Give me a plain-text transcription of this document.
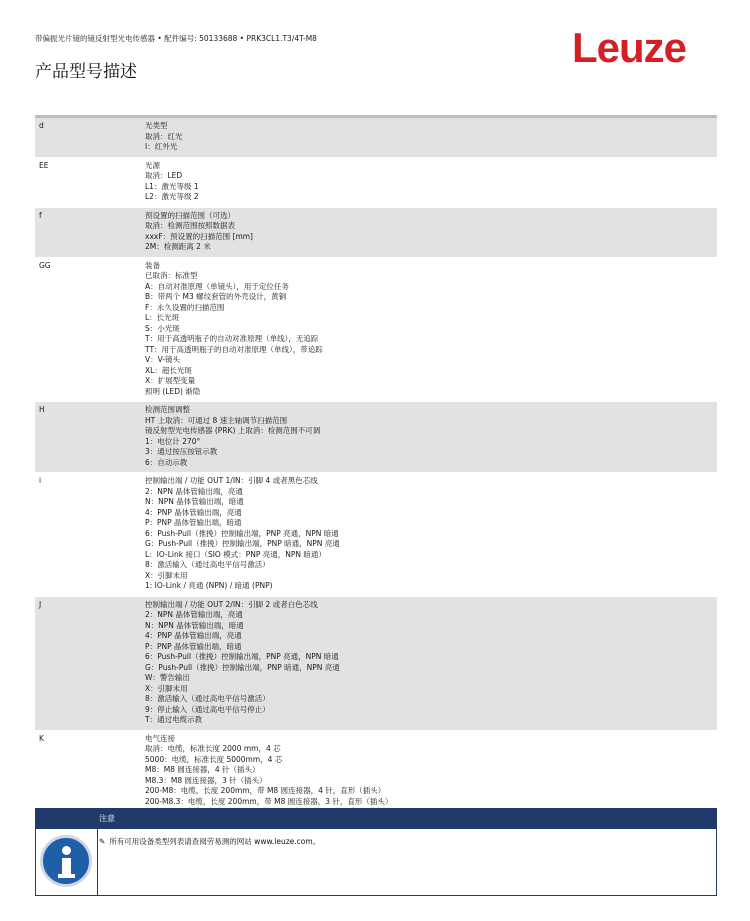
带偏振光片镜的镜反射型光电传感器 • 配件编号: 50133688 • PRK3CL1.T3/4T-M8
产品型号描述
Leuze
d	光类型
取消：红光
I：红外光
EE	光源
取消：LED
L1：激光等级 1
L2：激光等级 2
f	预设置的扫描范围（可选）
取消：检测范围按照数据表
xxxF：预设置的扫描范围 [mm]
2M：检测距离 2 米
GG	装备
已取消：标准型
A：自动对准原理（单镜头），用于定位任务
B：带两个 M3 螺纹套管的外壳设计，黄铜
F：永久设置的扫描范围
L：长光斑
S：小光斑
T：用于高透明瓶子的自动对准原理（单线），无追踪
TT：用于高透明瓶子的自动对准原理（单线），带追踪
V：V-镜头
XL：超长光斑
X：扩展型变量
照明 (LED) 渐隐
H	检测范围调整
HT 上取消：可通过 8 速主轴调节扫描范围
镜反射型光电传感器 (PRK) 上取消：检测范围不可调
1：电位计 270°
3：通过按压按钮示教
6：自动示教
i	控制输出端 / 功能 OUT 1/IN：引脚 4 或者黑色芯线
2：NPN 晶体管输出端，亮通
N：NPN 晶体管输出端，暗通
4：PNP 晶体管输出端，亮通
P：PNP 晶体管输出端，暗通
6：Push-Pull（推挽）控制输出端，PNP 亮通，NPN 暗通
G：Push-Pull（推挽）控制输出端，PNP 暗通，NPN 亮通
L：IO-Link 接口（SIO 模式：PNP 亮通，NPN 暗通）
8：激活输入（通过高电平信号激活）
X：引脚未用
1: IO-Link / 亮通 (NPN) / 暗通 (PNP)
J	控制输出端 / 功能 OUT 2/IN：引脚 2 或者白色芯线
2：NPN 晶体管输出端，亮通
N：NPN 晶体管输出端，暗通
4：PNP 晶体管输出端，亮通
P：PNP 晶体管输出端，暗通
6：Push-Pull（推挽）控制输出端，PNP 亮通，NPN 暗通
G：Push-Pull（推挽）控制输出端，PNP 暗通，NPN 亮通
W：警告输出
X：引脚未用
8：激活输入（通过高电平信号激活）
9：停止输入（通过高电平信号停止）
T：通过电缆示教
K	电气连接
取消：电缆，标准长度 2000 mm，4 芯
5000：电缆，标准长度 5000mm，4 芯
M8：M8 圆连接器，4 针（插头）
M8.3：M8 圆连接器，3 针（插头）
200-M8：电缆，长度 200mm，带 M8 圆连接器，4 针，直形（插头）
200-M8.3：电缆，长度 200mm，带 M8 圆连接器，3 针，直形（插头）
注意
✎ 所有可用设备类型列表请查阅劳易测的网站 www.leuze.com。
